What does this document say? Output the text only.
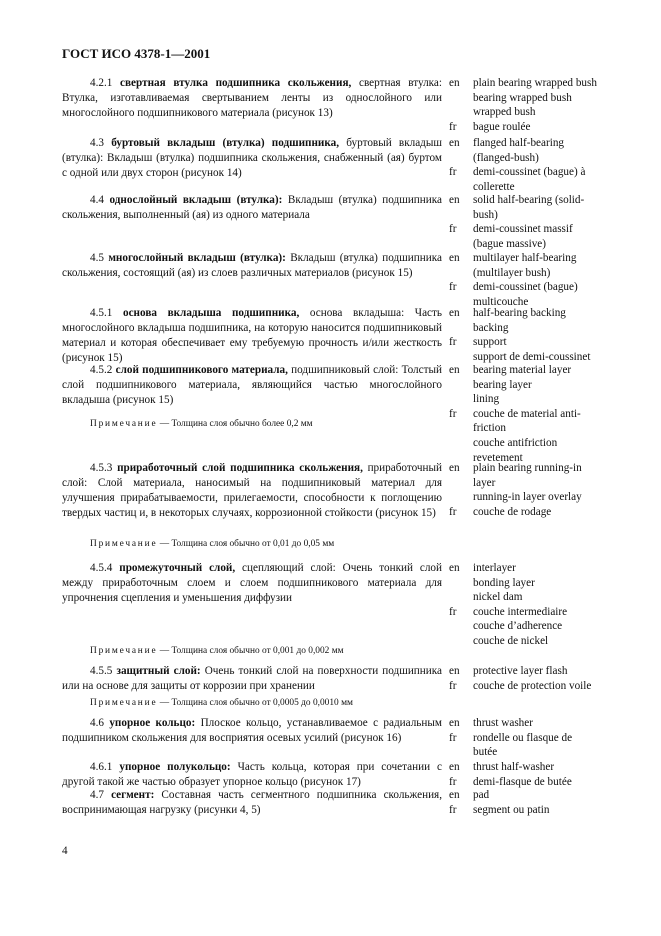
ГОСТ ИСО 4378-1—2001
4.2.1 свертная втулка подшипника скольжения, свертная втулка: Втулка, изготавливаемая свертыванием ленты из однослойного или многослойного подшипникового материала (рисунок 13)
en

fr
plain bearing wrapped bush
bearing wrapped bush
wrapped bush
bague roulée
4.3 буртовый вкладыш (втулка) подшипника, буртовый вкладыш (втулка): Вкладыш (втулка) подшипника скольжения, снабженный (ая) буртом с одной или двух сторон (рисунок 14)
en

fr

flanged half-bearing
(flanged-bush)
demi-coussinet (bague) à
collerette
4.4 однослойный вкладыш (втулка): Вкладыш (втулка) подшипника скольжения, выполненный (ая) из одного материала
en

fr

solid half-bearing (solid-
bush)
demi-coussinet massif
(bague massive)
4.5 многослойный вкладыш (втулка): Вкладыш (втулка) подшипника скольжения, состоящий (ая) из слоев различных материалов (рисунок 15)
en

fr

multilayer half-bearing
(multilayer bush)
demi-coussinet (bague)
multicouche
4.5.1 основа вкладыша подшипника, основа вкладыша: Часть многослойного вкладыша подшипника, на которую наносится подшипниковый материал и которая обеспечивает ему требуемую прочность и/или жесткость (рисунок 15)
en

fr

half-bearing backing
backing
support
support de demi-coussinet
4.5.2 слой подшипникового материала, подшипниковый слой: Толстый слой подшипникового материала, являющийся частью многослойного вкладыша (рисунок 15)
en

fr

bearing material layer
bearing layer
lining
couche de material anti-
friction
couche antifriction
revetement
4.5.3 приработочный слой подшипника скольжения, приработочный слой: Слой материала, наносимый на подшипниковый материал для улучшения прирабатываемости, прилегаемости, способности к поглощению твердых частиц и, в некоторых случаях, коррозионной стойкости (рисунок 15)
en

fr
plain bearing running-in
layer
running-in layer overlay
couche de rodage
4.5.4 промежуточный слой, сцепляющий слой: Очень тонкий слой между приработочным слоем и слоем подшипникового материала для упрочнения сцепления и уменьшения диффузии
en

fr

interlayer
bonding layer
nickel dam
couche intermediaire
couche d’adherence
couche de nickel
4.5.5 защитный слой: Очень тонкий слой на поверхности подшипника или на основе для защиты от коррозии при хранении
en
fr
protective layer flash
couche de protection voile
4.6 упорное кольцо: Плоское кольцо, устанавливаемое с радиальным подшипником скольжения для восприятия осевых усилий (рисунок 16)
en
fr

thrust washer
rondelle ou flasque de
butée
4.6.1 упорное полукольцо: Часть кольца, которая при сочетании с другой такой же частью образует упорное кольцо (рисунок 17)
en
fr
thrust half-washer
demi-flasque de butée
4.7 сегмент: Составная часть сегментного подшипника скольжения, воспринимающая нагрузку (рисунки 4, 5)
en
fr
pad
segment ou patin
Примечание — Толщина слоя обычно более 0,2 мм
Примечание — Толщина слоя обычно от 0,01 до 0,05 мм
Примечание — Толщина слоя обычно от 0,001 до 0,002 мм
Примечание — Толщина слоя обычно от 0,0005 до 0,0010 мм
4
